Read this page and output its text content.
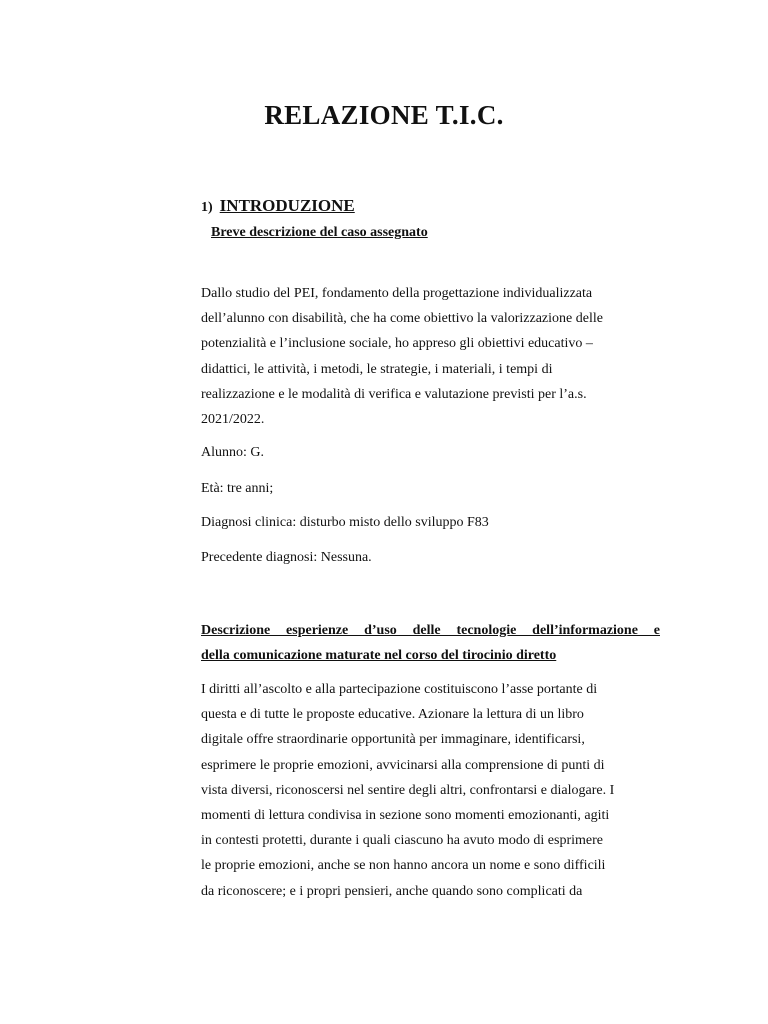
RELAZIONE T.I.C.
1) INTRODUZIONE
Breve descrizione del caso assegnato
Dallo studio del PEI, fondamento della progettazione individualizzata
dell’alunno con disabilità, che ha come obiettivo la valorizzazione delle
potenzialità e l’inclusione sociale, ho appreso gli obiettivi educativo –
didattici, le attività, i metodi, le strategie, i materiali, i tempi di
realizzazione e le modalità di verifica e valutazione previsti per l’a.s.
2021/2022.
Alunno: G.
Età: tre anni;
Diagnosi clinica: disturbo misto dello sviluppo F83
Precedente diagnosi: Nessuna.
Descrizione esperienze d’uso delle tecnologie dell’informazione e
della comunicazione maturate nel corso del tirocinio diretto
I diritti all’ascolto e alla partecipazione costituiscono l’asse portante di
questa e di tutte le proposte educative. Azionare la lettura di un libro
digitale offre straordinarie opportunità per immaginare, identificarsi,
esprimere le proprie emozioni, avvicinarsi alla comprensione di punti di
vista diversi, riconoscersi nel sentire degli altri, confrontarsi e dialogare. I
momenti di lettura condivisa in sezione sono momenti emozionanti, agiti
in contesti protetti, durante i quali ciascuno ha avuto modo di esprimere
le proprie emozioni, anche se non hanno ancora un nome e sono difficili
da riconoscere; e i propri pensieri, anche quando sono complicati da
